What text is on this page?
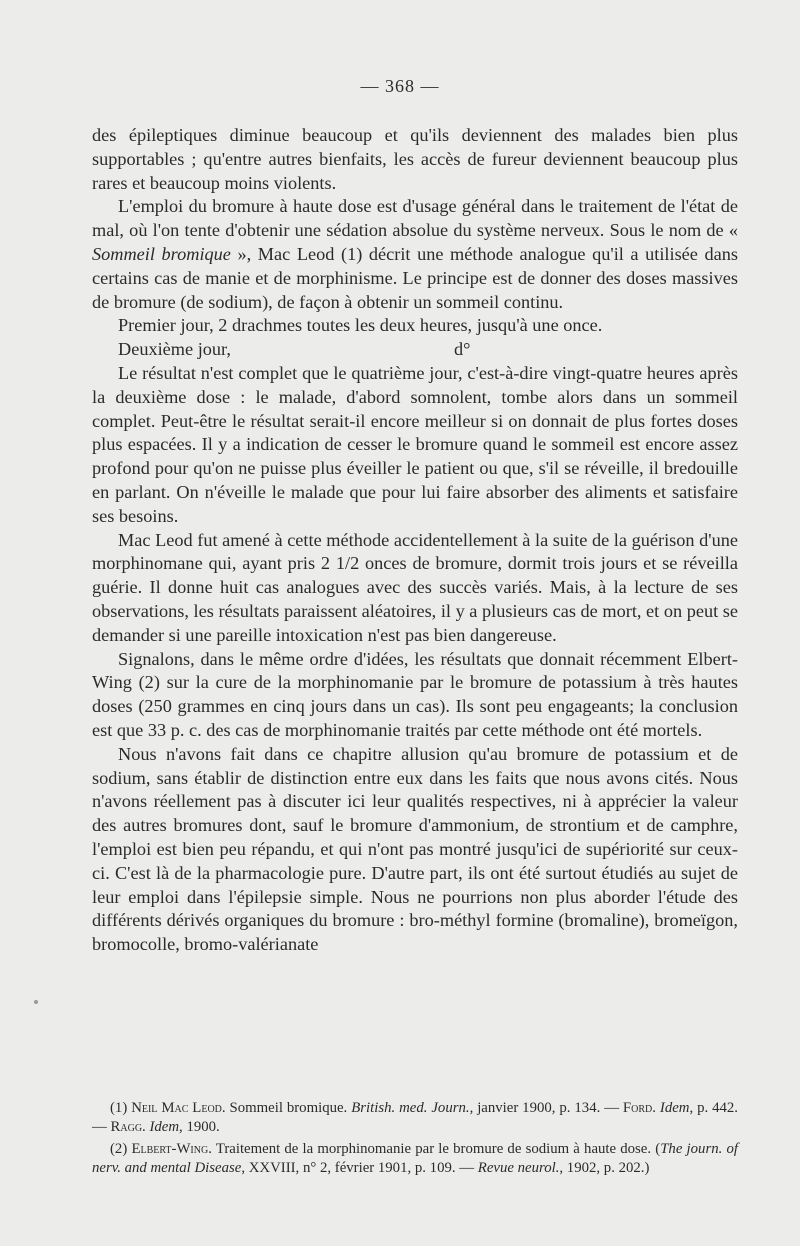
— 368 —

des épileptiques diminue beaucoup et qu'ils deviennent des malades bien plus supportables ; qu'entre autres bienfaits, les accès de fureur deviennent beaucoup plus rares et beaucoup moins violents.

L'emploi du bromure à haute dose est d'usage général dans le traitement de l'état de mal, où l'on tente d'obtenir une sédation absolue du système nerveux. Sous le nom de « Sommeil bromique », Mac Leod (1) décrit une méthode analogue qu'il a utilisée dans certains cas de manie et de morphinisme. Le principe est de donner des doses massives de bromure (de sodium), de façon à obtenir un sommeil continu.

Premier jour, 2 drachmes toutes les deux heures, jusqu'à une once.
Deuxième jour,	d°

Le résultat n'est complet que le quatrième jour, c'est-à-dire vingt-quatre heures après la deuxième dose : le malade, d'abord somnolent, tombe alors dans un sommeil complet. Peut-être le résultat serait-il encore meilleur si on donnait de plus fortes doses plus espacées. Il y a indication de cesser le bromure quand le sommeil est encore assez profond pour qu'on ne puisse plus éveiller le patient ou que, s'il se réveille, il bredouille en parlant. On n'éveille le malade que pour lui faire absorber des aliments et satisfaire ses besoins.

Mac Leod fut amené à cette méthode accidentellement à la suite de la guérison d'une morphinomane qui, ayant pris 2 1/2 onces de bromure, dormit trois jours et se réveilla guérie. Il donne huit cas analogues avec des succès variés. Mais, à la lecture de ses observations, les résultats paraissent aléatoires, il y a plusieurs cas de mort, et on peut se demander si une pareille intoxication n'est pas bien dangereuse.

Signalons, dans le même ordre d'idées, les résultats que donnait récemment Elbert-Wing (2) sur la cure de la morphinomanie par le bromure de potassium à très hautes doses (250 grammes en cinq jours dans un cas). Ils sont peu engageants; la conclusion est que 33 p. c. des cas de morphinomanie traités par cette méthode ont été mortels.

Nous n'avons fait dans ce chapitre allusion qu'au bromure de potassium et de sodium, sans établir de distinction entre eux dans les faits que nous avons cités. Nous n'avons réellement pas à discuter ici leur qualités respectives, ni à apprécier la valeur des autres bromures dont, sauf le bromure d'ammonium, de strontium et de camphre, l'emploi est bien peu répandu, et qui n'ont pas montré jusqu'ici de supériorité sur ceux-ci. C'est là de la pharmacologie pure. D'autre part, ils ont été surtout étudiés au sujet de leur emploi dans l'épilepsie simple. Nous ne pourrions non plus aborder l'étude des différents dérivés organiques du bromure : bro-méthyl formine (bromaline), bromeïgon, bromocolle, bromo-valérianate

(1) Neil Mac Leod. Sommeil bromique. British. med. Journ., janvier 1900, p. 134. — Ford. Idem, p. 442. — Ragg. Idem, 1900.

(2) Elbert-Wing. Traitement de la morphinomanie par le bromure de sodium à haute dose. (The journ. of nerv. and mental Disease, XXVIII, n° 2, février 1901, p. 109. — Revue neurol., 1902, p. 202.)
